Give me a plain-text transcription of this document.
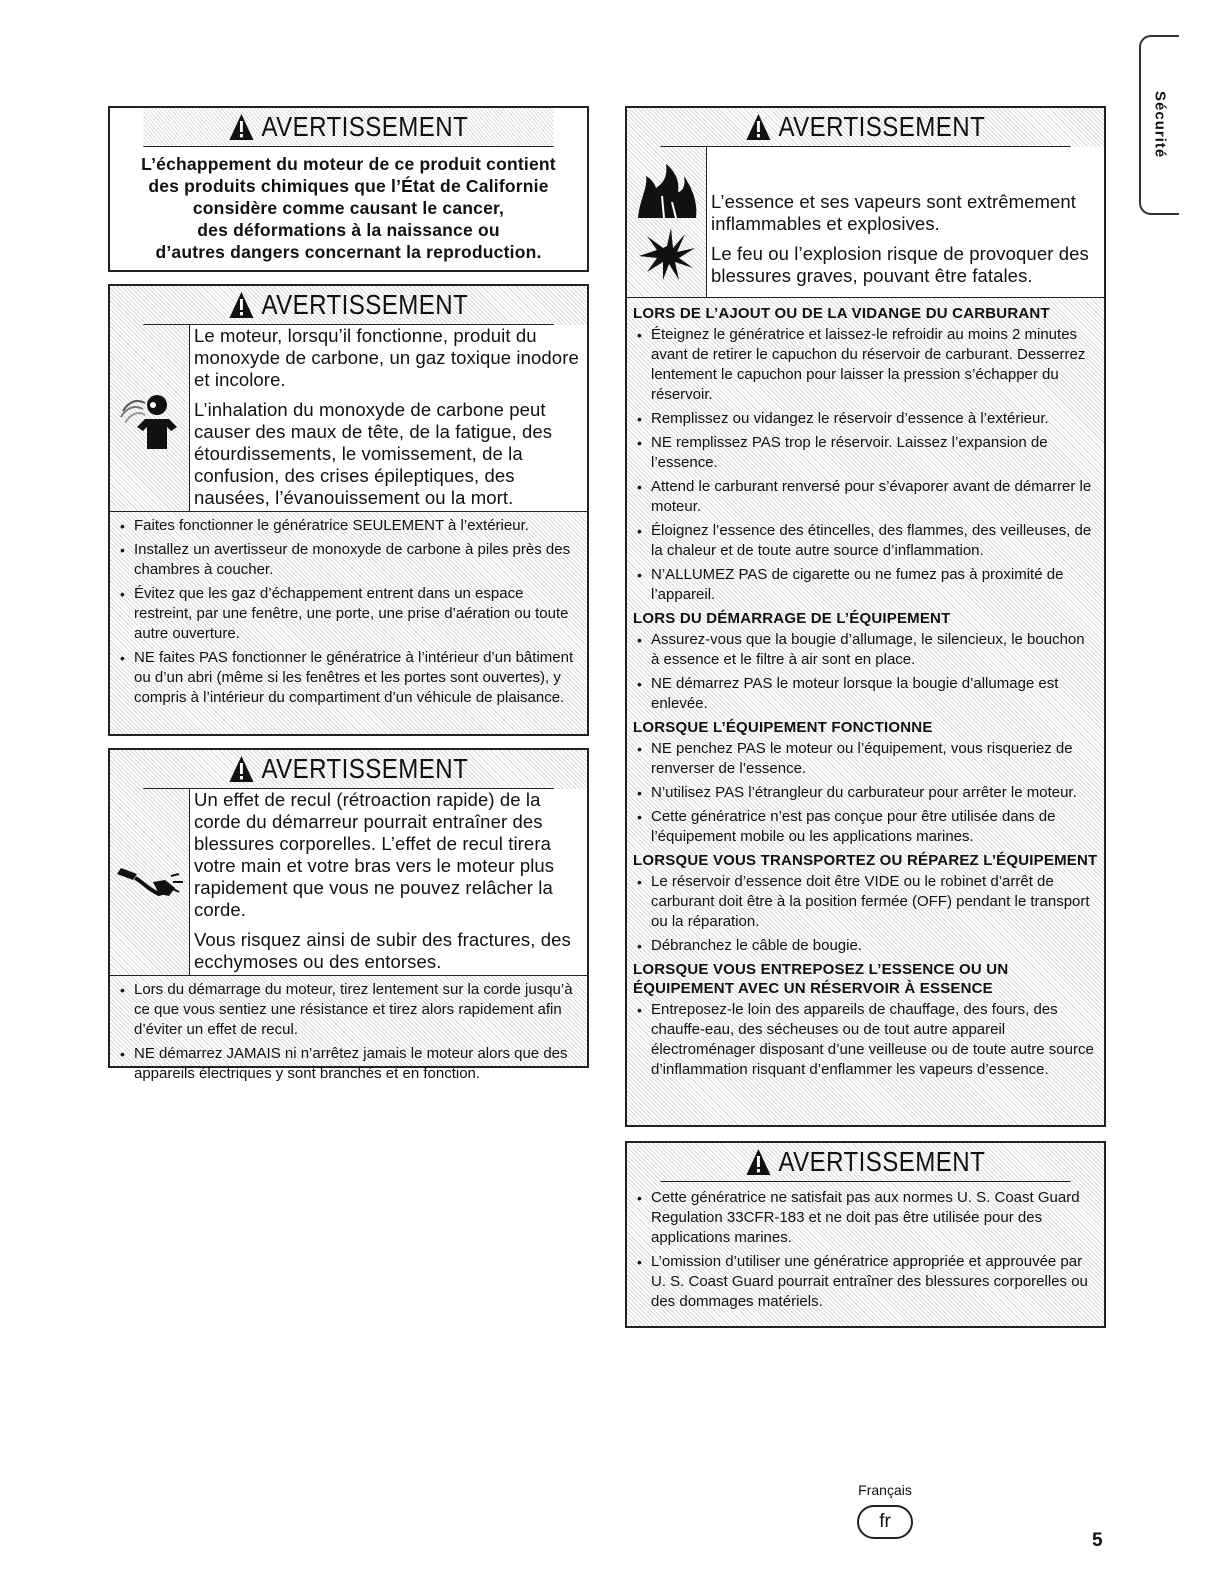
Sécurité
AVERTISSEMENT
L’échappement du moteur de ce produit contient
des produits chimiques que l’État de Californie
considère comme causant le cancer,
des déformations à la naissance ou
d’autres dangers concernant la reproduction.
AVERTISSEMENT

Le moteur, lorsqu’il fonctionne, produit du monoxyde de carbone, un gaz toxique inodore et incolore.

L’inhalation du monoxyde de carbone peut causer des maux de tête, de la fatigue, des étourdissements, le vomissement, de la confusion, des crises épileptiques, des nausées, l’évanouissement ou la mort.

• Faites fonctionner le génératrice SEULEMENT à l’extérieur.
• Installez un avertisseur de monoxyde de carbone à piles près des chambres à coucher.
• Évitez que les gaz d’échappement entrent dans un espace restreint, par une fenêtre, une porte, une prise d’aération ou toute autre ouverture.
• NE faites PAS fonctionner le génératrice à l’intérieur d’un bâtiment ou d’un abri (même si les fenêtres et les portes sont ouvertes), y compris à l’intérieur du compartiment d’un véhicule de plaisance.
AVERTISSEMENT

Un effet de recul (rétroaction rapide) de la corde du démarreur pourrait entraîner des blessures corporelles. L’effet de recul tirera votre main et votre bras vers le moteur plus rapidement que vous ne pouvez relâcher la corde.

Vous risquez ainsi de subir des fractures, des ecchymoses ou des entorses.

• Lors du démarrage du moteur, tirez lentement sur la corde jusqu’à ce que vous sentiez une résistance et tirez alors rapidement afin d’éviter un effet de recul.
• NE démarrez JAMAIS ni n’arrêtez jamais le moteur alors que des appareils électriques y sont branchés et en fonction.
AVERTISSEMENT

L’essence et ses vapeurs sont extrêmement inflammables et explosives.

Le feu ou l’explosion risque de provoquer des blessures graves, pouvant être fatales.

LORS DE L’AJOUT OU DE LA VIDANGE DU CARBURANT
• Éteignez le génératrice et laissez-le refroidir au moins 2 minutes avant de retirer le capuchon du réservoir de carburant. Desserrez lentement le capuchon pour laisser la pression s’échapper du réservoir.
• Remplissez ou vidangez le réservoir d’essence à l’extérieur.
• NE remplissez PAS trop le réservoir. Laissez l’expansion de l’essence.
• Attend le carburant renversé pour s’évaporer avant de démarrer le moteur.
• Éloignez l’essence des étincelles, des flammes, des veilleuses, de la chaleur et de toute autre source d’inflammation.
• N’ALLUMEZ PAS de cigarette ou ne fumez pas à proximité de l’appareil.
LORS DU DÉMARRAGE DE L’ÉQUIPEMENT
• Assurez-vous que la bougie d’allumage, le silencieux, le bouchon à essence et le filtre à air sont en place.
• NE démarrez PAS le moteur lorsque la bougie d’allumage est enlevée.
LORSQUE L’ÉQUIPEMENT FONCTIONNE
• NE penchez PAS le moteur ou l’équipement, vous risqueriez de renverser de l’essence.
• N’utilisez PAS l’étrangleur du carburateur pour arrêter le moteur.
• Cette génératrice n’est pas conçue pour être utilisée dans de l’équipement mobile ou les applications marines.
LORSQUE VOUS TRANSPORTEZ OU RÉPAREZ L’ÉQUIPEMENT
• Le réservoir d’essence doit être VIDE ou le robinet d’arrêt de carburant doit être à la position fermée (OFF) pendant le transport ou la réparation.
• Débranchez le câble de bougie.
LORSQUE VOUS ENTREPOSEZ L’ESSENCE OU UN ÉQUIPEMENT AVEC UN RÉSERVOIR À ESSENCE
• Entreposez-le loin des appareils de chauffage, des fours, des chauffe-eau, des sécheuses ou de tout autre appareil électroménager disposant d’une veilleuse ou de toute autre source d’inflammation risquant d’enflammer les vapeurs d’essence.
AVERTISSEMENT
• Cette génératrice ne satisfait pas aux normes U. S. Coast Guard Regulation 33CFR-183 et ne doit pas être utilisée pour des applications marines.
• L’omission d’utiliser une génératrice appropriée et approuvée par U. S. Coast Guard pourrait entraîner des blessures corporelles ou des dommages matériels.
Français
fr
5
